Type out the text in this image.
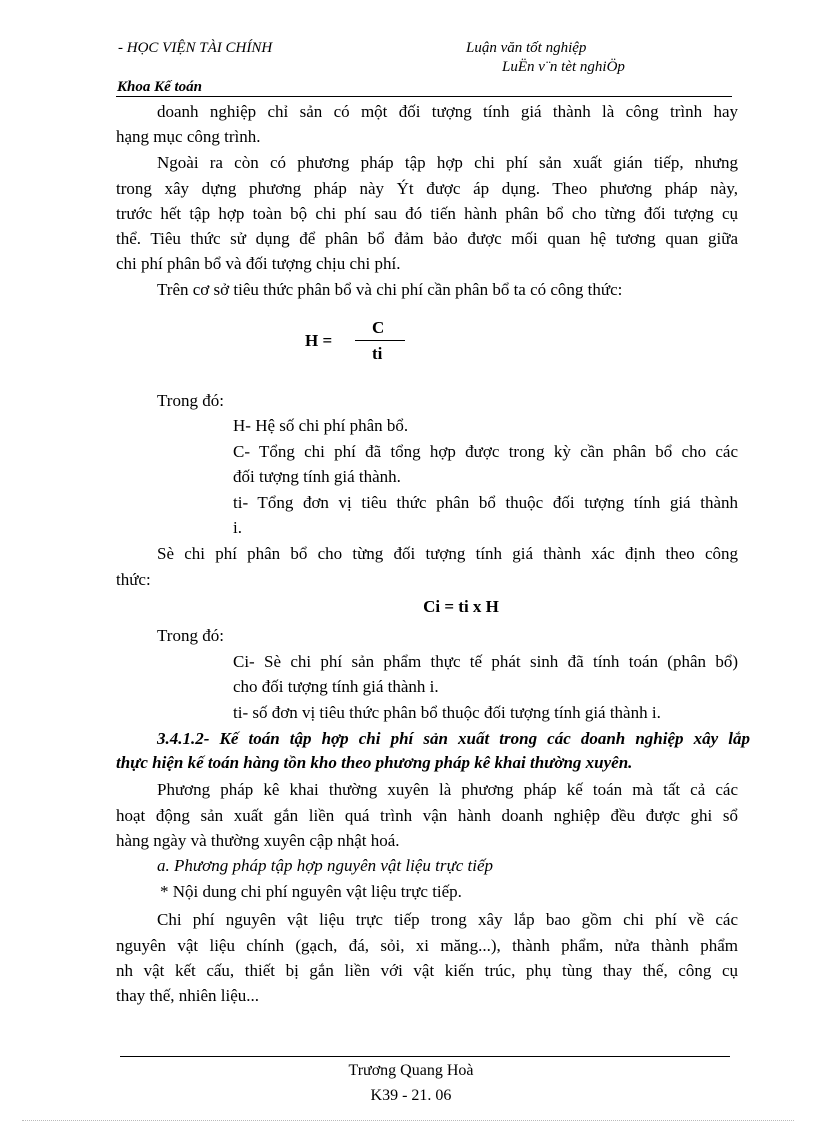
- HỌC VIỆN TÀI CHÍNH	Luận văn tốt nghiệp
LuËn v¨n tèt nghiÖp
Khoa Kế toán
doanh nghiệp chỉ sản có một đối tượng tính giá thành là công trình hay
hạng mục công trình.
Ngoài ra còn có phương pháp tập hợp chi phí sản xuất gián tiếp, nhưng
trong xây dựng phương pháp này Ýt được áp dụng. Theo phương pháp này,
trước hết tập hợp toàn bộ chi phí sau đó tiến hành phân bổ cho từng đối tượng cụ
thể. Tiêu thức sử dụng để phân bổ đảm bảo được mối quan hệ tương quan giữa
chi phí phân bổ và đối tượng chịu chi phí.
Trên cơ sở tiêu thức phân bổ và chi phí cần phân bổ ta có công thức:
H =
C
ti
Trong đó:
H- Hệ số chi phí phân bổ.
C- Tổng chi phí đã tổng hợp được trong kỳ cần phân bổ cho các
đối tượng tính giá thành.
ti- Tổng đơn vị tiêu thức phân bổ thuộc đối tượng tính giá thành
i.
Sè chi phí phân bổ cho từng đối tượng tính giá thành xác định theo công
thức:
Ci = ti x H
Trong đó:
Ci- Sè chi phí sản phẩm thực tế phát sinh đã tính toán (phân bổ)
cho đối tượng tính giá thành i.
ti- số đơn vị tiêu thức phân bổ thuộc đối tượng tính giá thành i.
3.4.1.2- Kế toán tập hợp chi phí sản xuất trong các doanh nghiệp xây lắp
thực hiện kế toán hàng tồn kho theo phương pháp kê khai thường xuyên.
Phương pháp kê khai thường xuyên là phương pháp kế toán mà tất cả các
hoạt động sản xuất gắn liền quá trình vận hành doanh nghiệp đều được ghi sổ
hàng ngày và thường xuyên cập nhật hoá.
a. Phương pháp tập hợp nguyên vật liệu trực tiếp
* Nội dung chi phí nguyên vật liệu trực tiếp.
Chi phí nguyên vật liệu trực tiếp trong xây lắp bao gồm chi phí về các
nguyên vật liệu chính (gạch, đá, sỏi, xi măng...), thành phẩm, nửa thành phẩm
nh vật kết cấu, thiết bị gắn liền với vật kiến trúc, phụ tùng thay thế, công cụ
thay thế, nhiên liệu...
Trương Quang Hoà
K39 - 21. 06
